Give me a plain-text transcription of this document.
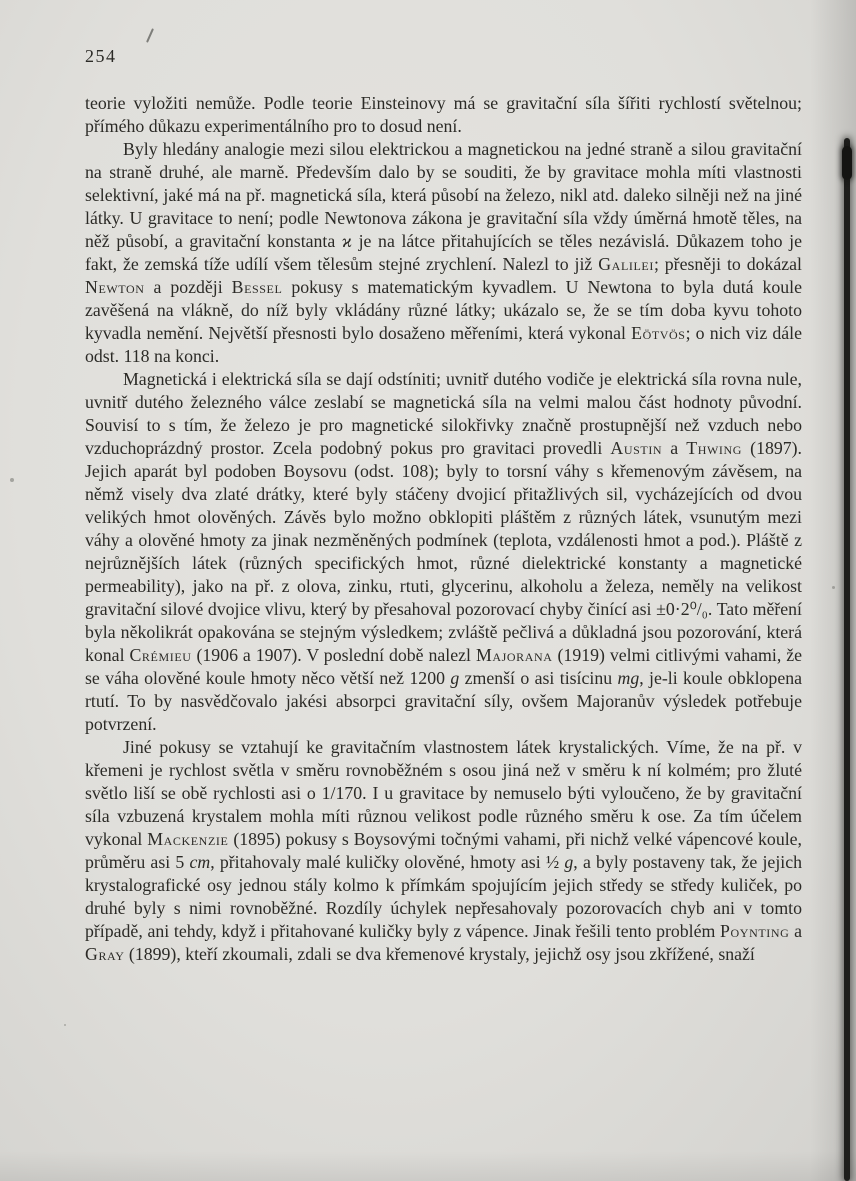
254

teorie vyložiti nemůže. Podle teorie Einsteinovy má se gravitační síla šířiti rychlostí světelnou; přímého důkazu experimentálního pro to dosud není.

Byly hledány analogie mezi silou elektrickou a magnetickou na jedné straně a silou gravitační na straně druhé, ale marně. Především dalo by se souditi, že by gravitace mohla míti vlastnosti selektivní, jaké má na př. magnetická síla, která působí na železo, nikl atd. daleko silněji než na jiné látky. U gravitace to není; podle Newtonova zákona je gravitační síla vždy úměrná hmotě těles, na něž působí, a gravitační konstanta ϰ je na látce přitahujících se těles nezávislá. Důkazem toho je fakt, že zemská tíže udílí všem tělesům stejné zrychlení. Nalezl to již Galilei; přesněji to dokázal Newton a později Bessel pokusy s matematickým kyvadlem. U Newtona to byla dutá koule zavěšená na vlákně, do níž byly vkládány různé látky; ukázalo se, že se tím doba kyvu tohoto kyvadla nemění. Největší přesnosti bylo dosaženo měřeními, která vykonal Eötvös; o nich viz dále odst. 118 na konci.

Magnetická i elektrická síla se dají odstíniti; uvnitř dutého vodiče je elektrická síla rovna nule, uvnitř dutého železného válce zeslabí se magnetická síla na velmi malou část hodnoty původní. Souvisí to s tím, že železo je pro magnetické silokřivky značně prostupnější než vzduch nebo vzduchoprázdný prostor. Zcela podobný pokus pro gravitaci provedli Austin a Thwing (1897). Jejich aparát byl podoben Boysovu (odst. 108); byly to torsní váhy s křemenovým závěsem, na němž visely dva zlaté drátky, které byly stáčeny dvojicí přitažlivých sil, vycházejících od dvou velikých hmot olověných. Závěs bylo možno obklopiti pláštěm z různých látek, vsunutým mezi váhy a olověné hmoty za jinak nezměněných podmínek (teplota, vzdálenosti hmot a pod.). Pláště z nejrůznějších látek (různých specifických hmot, různé dielektrické konstanty a magnetické permeability), jako na př. z olova, zinku, rtuti, glycerinu, alkoholu a železa, neměly na velikost gravitační silové dvojice vlivu, který by přesahoval pozorovací chyby činící asi ±0·2⁰/₀. Tato měření byla několikrát opakována se stejným výsledkem; zvláště pečlivá a důkladná jsou pozorování, která konal Crémieu (1906 a 1907). V poslední době nalezl Majorana (1919) velmi citlivými vahami, že se váha olověné koule hmoty něco větší než 1200 g zmenší o asi tisícinu mg, je-li koule obklopena rtutí. To by nasvědčovalo jakési absorpci gravitační síly, ovšem Majoranův výsledek potřebuje potvrzení.

Jiné pokusy se vztahují ke gravitačním vlastnostem látek krystalických. Víme, že na př. v křemeni je rychlost světla v směru rovnoběžném s osou jiná než v směru k ní kolmém; pro žluté světlo liší se obě rychlosti asi o 1/170. I u gravitace by nemuselo býti vyloučeno, že by gravitační síla vzbuzená krystalem mohla míti různou velikost podle různého směru k ose. Za tím účelem vykonal Mackenzie (1895) pokusy s Boysovými točnými vahami, při nichž velké vápencové koule, průměru asi 5 cm, přitahovaly malé kuličky olověné, hmoty asi ½ g, a byly postaveny tak, že jejich krystalografické osy jednou stály kolmo k přímkám spojujícím jejich středy se středy kuliček, po druhé byly s nimi rovnoběžné. Rozdíly úchylek nepřesahovaly pozorovacích chyb ani v tomto případě, ani tehdy, když i přitahované kuličky byly z vápence. Jinak řešili tento problém Poynting a Gray (1899), kteří zkoumali, zdali se dva křemenové krystaly, jejichž osy jsou zkřížené, snaží
